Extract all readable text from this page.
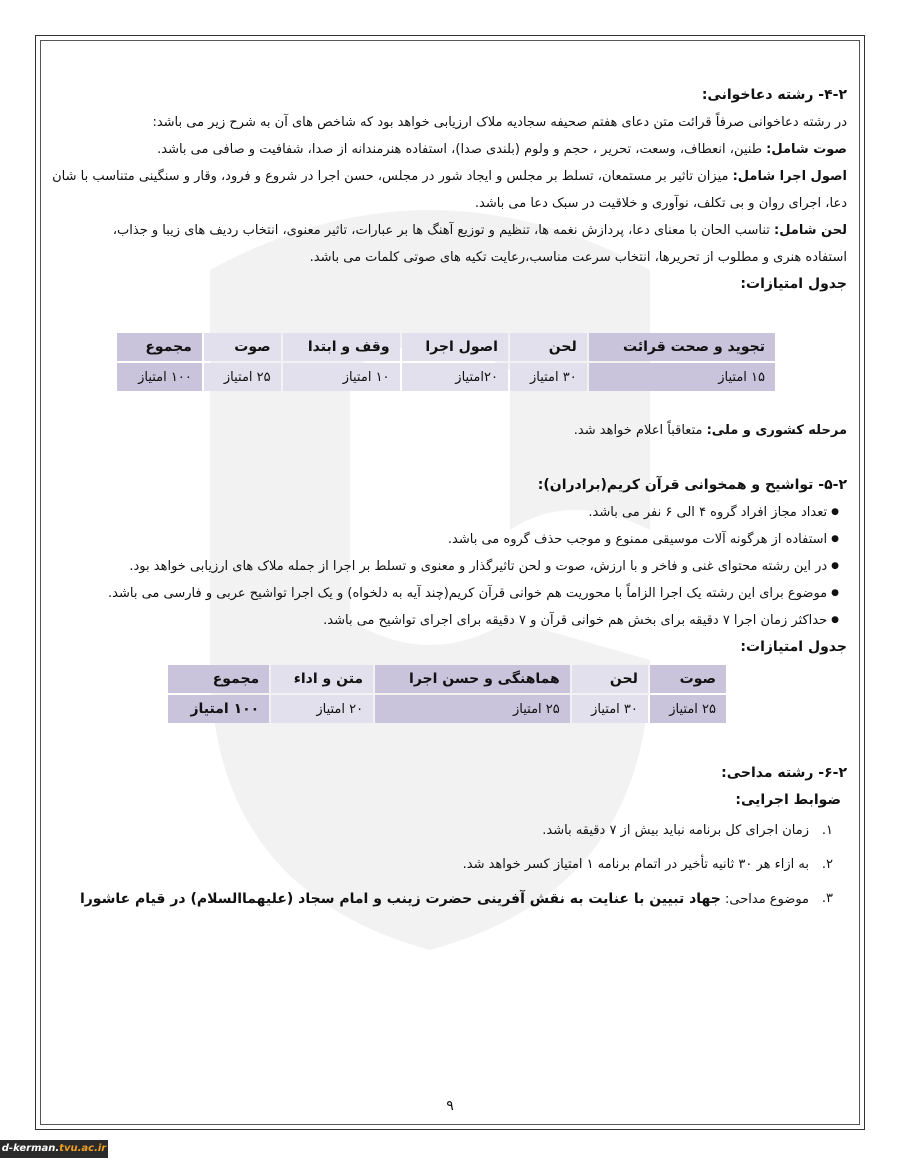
۴-۲- رشته دعاخوانی:
در رشته دعاخوانی صرفاً قرائت متن دعای هفتم صحیفه سجادیه ملاک ارزیابی خواهد بود که شاخص های آن به شرح زیر می باشد:
صوت شامل: طنین، انعطاف، وسعت، تحریر ، حجم و ولوم (بلندی صدا)، استفاده هنرمندانه از صدا، شفافیت و صافی می باشد.
اصول اجرا شامل: میزان تاثیر بر مستمعان، تسلط بر مجلس و ایجاد شور در مجلس، حسن اجرا در شروع و فرود، وقار و سنگینی متناسب با شان
دعا، اجرای روان و بی تکلف، نوآوری و خلاقیت در سبک دعا می باشد.
لحن شامل: تناسب الحان با معنای دعا، پردازش نغمه ها، تنظیم و توزیع آهنگ ها بر عبارات، تاثیر معنوی، انتخاب ردیف های زیبا و جذاب،
استفاده هنری و مطلوب از تحریرها، انتخاب سرعت مناسب،رعایت تکیه های صوتی کلمات می باشد.
جدول امتیازات:
تجوید و صحت قرائت	لحن	اصول اجرا	وقف و ابتدا	صوت	مجموع
۱۵ امتیاز	۳۰ امتیاز	۲۰امتیاز	۱۰ امتیاز	۲۵ امتیاز	۱۰۰ امتیاز
مرحله کشوری و ملی: متعاقباً اعلام خواهد شد.
۵-۲- تواشیح و همخوانی قرآن کریم(برادران):
● تعداد مجاز افراد گروه ۴ الی ۶ نفر می باشد.
● استفاده از هرگونه آلات موسیقی ممنوع و موجب حذف گروه می باشد.
● در این رشته محتوای غنی و فاخر و با ارزش، صوت و لحن تاثیرگذار و معنوی و تسلط بر اجرا از جمله ملاک های ارزیابی خواهد بود.
● موضوع برای این رشته یک اجرا الزاماً با محوریت هم خوانی قرآن کریم(چند آیه به دلخواه) و یک اجرا تواشیح عربی و فارسی می باشد.
● حداکثر زمان اجرا ۷ دقیقه برای بخش هم خوانی قرآن و ۷ دقیقه برای اجرای تواشیح می باشد.
جدول امتیازات:
صوت	لحن	هماهنگی و حسن اجرا	متن و اداء	مجموع
۲۵ امتیاز	۳۰ امتیاز	۲۵ امتیاز	۲۰ امتیاز	۱۰۰ امتیاز
۶-۲- رشته مداحی:
ضوابط اجرایی:
۱.
زمان اجرای کل برنامه نباید بیش از ۷ دقیقه باشد.
۲.
به ازاء هر ۳۰ ثانیه تأخیر در اتمام برنامه ۱ امتیاز کسر خواهد شد.
۳.
موضوع مداحی: جهاد تبیین با عنایت به نقش آفرینی حضرت زینب و امام سجاد (علیهماالسلام) در قیام عاشورا
۹
d-kerman.tvu.ac.ir
